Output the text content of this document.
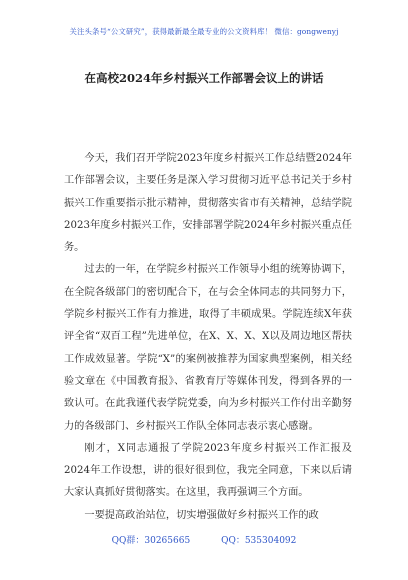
关注头条号“公文研究”，获得最新最全最专业的公文资料库！ 微信：gongwenyj
在高校2024年乡村振兴工作部署会议上的讲话

今天，我们召开学院2023年度乡村振兴工作总结暨2024年工作部署会议，主要任务是深入学习贯彻习近平总书记关于乡村振兴工作重要指示批示精神，贯彻落实省市有关精神，总结学院2023年度乡村振兴工作，安排部署学院2024年乡村振兴重点任务。

过去的一年，在学院乡村振兴工作领导小组的统筹协调下，在全院各级部门的密切配合下，在与会全体同志的共同努力下，学院乡村振兴工作有力推进，取得了丰硕成果。学院连续X年获评全省“双百工程”先进单位，在X、X、X、X以及周边地区帮扶工作成效显著。学院“X”的案例被推荐为国家典型案例，相关经验文章在《中国教育报》、省教育厅等媒体刊发，得到各界的一致认可。在此我谨代表学院党委，向为乡村振兴工作付出辛勤努力的各级部门、乡村振兴工作队全体同志表示衷心感谢。

刚才，X同志通报了学院2023年度乡村振兴工作汇报及2024年工作设想，讲的很好很到位，我完全同意，下来以后请大家认真抓好贯彻落实。在这里，我再强调三个方面。

一要提高政治站位，切实增强做好乡村振兴工作的政

QQ群：30265665	QQ：535304092
